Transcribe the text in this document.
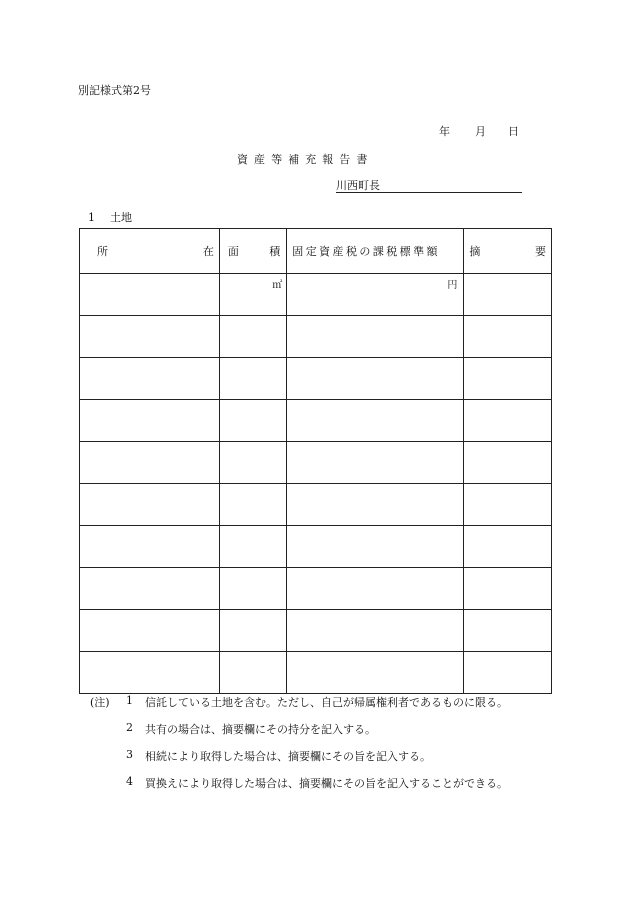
別記様式第2号
年 月 日
資産等補充報告書
川西町長
1 土地
所 在	面 積	固定資産税の課税標準額	摘 要

	㎡	円	

(注) 1 信託している土地を含む。ただし、自己が帰属権利者であるものに限る。
2 共有の場合は、摘要欄にその持分を記入する。
3 相続により取得した場合は、摘要欄にその旨を記入する。
4 買換えにより取得した場合は、摘要欄にその旨を記入することができる。
